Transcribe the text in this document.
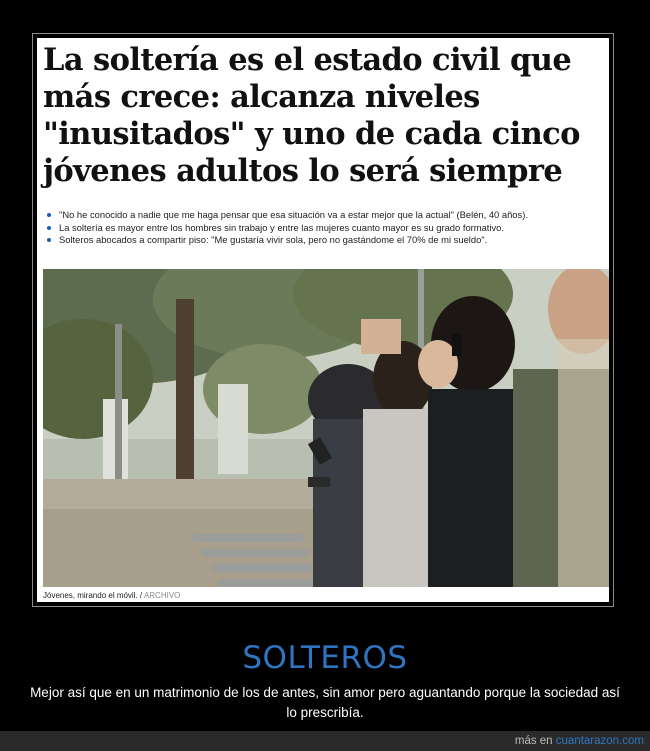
La soltería es el estado civil que más crece: alcanza niveles "inusitados" y uno de cada cinco jóvenes adultos lo será siempre
"No he conocido a nadie que me haga pensar que esa situación va a estar mejor que la actual" (Belén, 40 años).
La soltería es mayor entre los hombres sin trabajo y entre las mujeres cuanto mayor es su grado formativo.
Solteros abocados a compartir piso: "Me gustaría vivir sola, pero no gastándome el 70% de mi sueldo".
Jóvenes, mirando el móvil. / ARCHIVO
SOLTEROS
Mejor así que en un matrimonio de los de antes, sin amor pero aguantando porque la sociedad así lo prescribía.
más en cuantarazon.com
